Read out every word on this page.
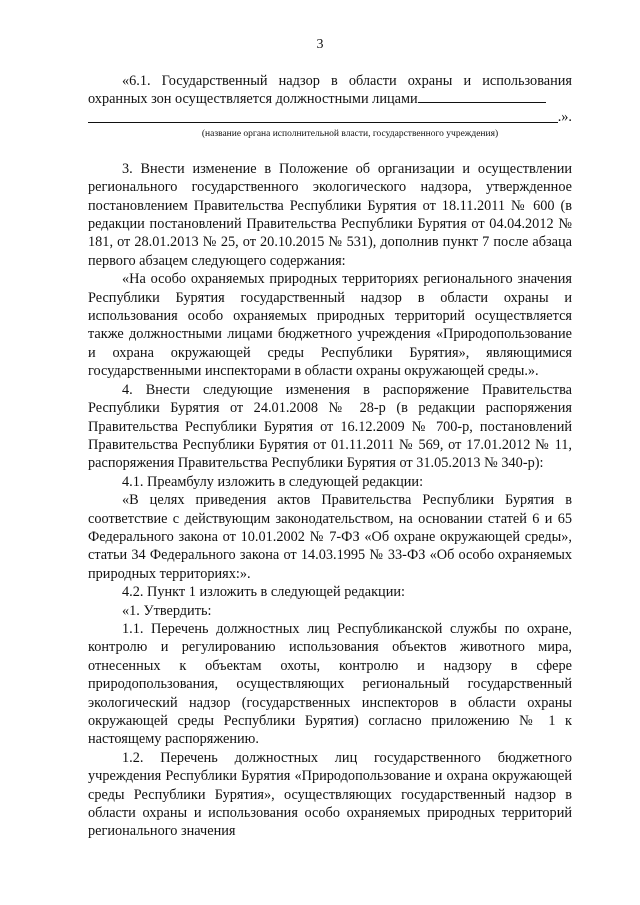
3

«6.1. Государственный надзор в области охраны и использования охранных зон осуществляется должностными лицами

.».
(название органа исполнительной власти, государственного учреждения)

3. Внести изменение в Положение об организации и осуществлении регионального государственного экологического надзора, утвержденное постановлением Правительства Республики Бурятия от 18.11.2011 № 600 (в редакции постановлений Правительства Республики Бурятия от 04.04.2012 № 181, от 28.01.2013 № 25, от 20.10.2015 № 531), дополнив пункт 7 после абзаца первого абзацем следующего содержания:

«На особо охраняемых природных территориях регионального значения Республики Бурятия государственный надзор в области охраны и использования особо охраняемых природных территорий осуществляется также должностными лицами бюджетного учреждения «Природопользование и охрана окружающей среды Республики Бурятия», являющимися государственными инспекторами в области охраны окружающей среды.».

4. Внести следующие изменения в распоряжение Правительства Республики Бурятия от 24.01.2008 № 28-р (в редакции распоряжения Правительства Республики Бурятия от 16.12.2009 № 700-р, постановлений Правительства Республики Бурятия от 01.11.2011 № 569, от 17.01.2012 № 11, распоряжения Правительства Республики Бурятия от 31.05.2013 № 340-р):

4.1. Преамбулу изложить в следующей редакции:

«В целях приведения актов Правительства Республики Бурятия в соответствие с действующим законодательством, на основании статей 6 и 65 Федерального закона от 10.01.2002 № 7-ФЗ «Об охране окружающей среды», статьи 34 Федерального закона от 14.03.1995 № 33-ФЗ «Об особо охраняемых природных территориях:».

4.2. Пункт 1 изложить в следующей редакции:

«1. Утвердить:

1.1. Перечень должностных лиц Республиканской службы по охране, контролю и регулированию использования объектов животного мира, отнесенных к объектам охоты, контролю и надзору в сфере природопользования, осуществляющих региональный государственный экологический надзор (государственных инспекторов в области охраны окружающей среды Республики Бурятия) согласно приложению № 1 к настоящему распоряжению.

1.2. Перечень должностных лиц государственного бюджетного учреждения Республики Бурятия «Природопользование и охрана окружающей среды Республики Бурятия», осуществляющих государственный надзор в области охраны и использования особо охраняемых природных территорий регионального значения
